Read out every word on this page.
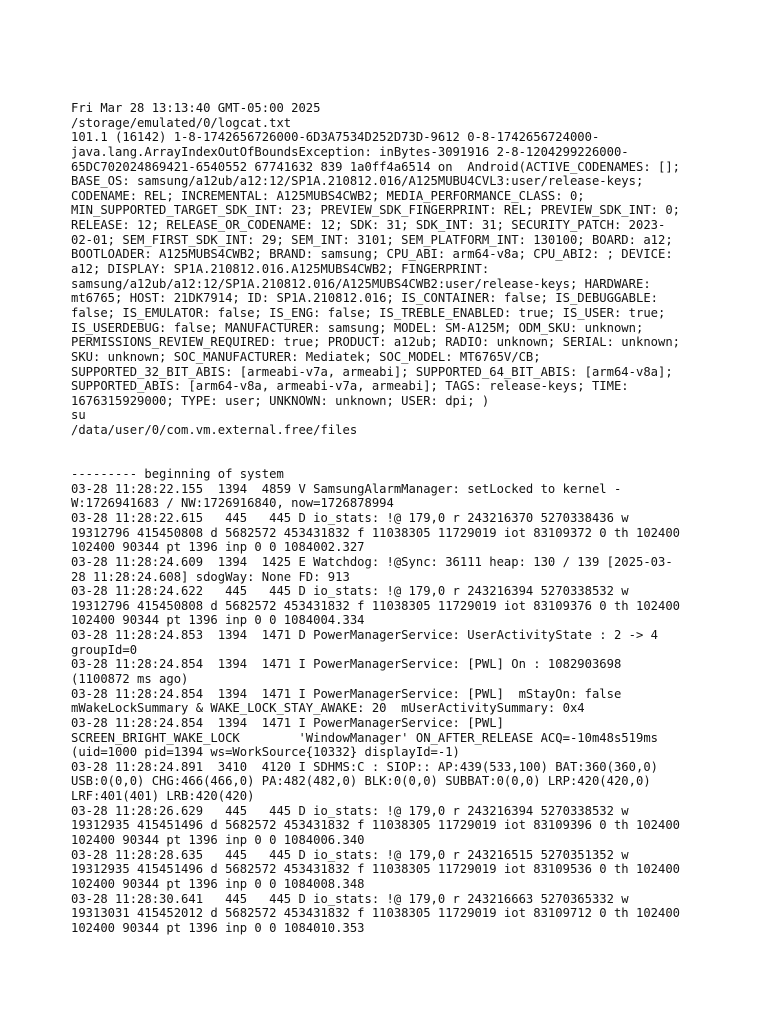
Fri Mar 28 13:13:40 GMT-05:00 2025
/storage/emulated/0/logcat.txt
101.1 (16142) 1-8-1742656726000-6D3A7534D252D73D-9612 0-8-1742656724000-
java.lang.ArrayIndexOutOfBoundsException: inBytes-3091916 2-8-1204299226000-
65DC702024869421-6540552 67741632 839 1a0ff4a6514 on  Android(ACTIVE_CODENAMES: [];
BASE_OS: samsung/a12ub/a12:12/SP1A.210812.016/A125MUBU4CVL3:user/release-keys;
CODENAME: REL; INCREMENTAL: A125MUBS4CWB2; MEDIA_PERFORMANCE_CLASS: 0;
MIN_SUPPORTED_TARGET_SDK_INT: 23; PREVIEW_SDK_FINGERPRINT: REL; PREVIEW_SDK_INT: 0;
RELEASE: 12; RELEASE_OR_CODENAME: 12; SDK: 31; SDK_INT: 31; SECURITY_PATCH: 2023-
02-01; SEM_FIRST_SDK_INT: 29; SEM_INT: 3101; SEM_PLATFORM_INT: 130100; BOARD: a12;
BOOTLOADER: A125MUBS4CWB2; BRAND: samsung; CPU_ABI: arm64-v8a; CPU_ABI2: ; DEVICE:
a12; DISPLAY: SP1A.210812.016.A125MUBS4CWB2; FINGERPRINT:
samsung/a12ub/a12:12/SP1A.210812.016/A125MUBS4CWB2:user/release-keys; HARDWARE:
mt6765; HOST: 21DK7914; ID: SP1A.210812.016; IS_CONTAINER: false; IS_DEBUGGABLE:
false; IS_EMULATOR: false; IS_ENG: false; IS_TREBLE_ENABLED: true; IS_USER: true;
IS_USERDEBUG: false; MANUFACTURER: samsung; MODEL: SM-A125M; ODM_SKU: unknown;
PERMISSIONS_REVIEW_REQUIRED: true; PRODUCT: a12ub; RADIO: unknown; SERIAL: unknown;
SKU: unknown; SOC_MANUFACTURER: Mediatek; SOC_MODEL: MT6765V/CB;
SUPPORTED_32_BIT_ABIS: [armeabi-v7a, armeabi]; SUPPORTED_64_BIT_ABIS: [arm64-v8a];
SUPPORTED_ABIS: [arm64-v8a, armeabi-v7a, armeabi]; TAGS: release-keys; TIME:
1676315929000; TYPE: user; UNKNOWN: unknown; USER: dpi; )
su
/data/user/0/com.vm.external.free/files
--------- beginning of system
03-28 11:28:22.155  1394  4859 V SamsungAlarmManager: setLocked to kernel -
W:1726941683 / NW:1726916840, now=1726878994
03-28 11:28:22.615   445   445 D io_stats: !@ 179,0 r 243216370 5270338436 w
19312796 415450808 d 5682572 453431832 f 11038305 11729019 iot 83109372 0 th 102400
102400 90344 pt 1396 inp 0 0 1084002.327
03-28 11:28:24.609  1394  1425 E Watchdog: !@Sync: 36111 heap: 130 / 139 [2025-03-
28 11:28:24.608] sdogWay: None FD: 913
03-28 11:28:24.622   445   445 D io_stats: !@ 179,0 r 243216394 5270338532 w
19312796 415450808 d 5682572 453431832 f 11038305 11729019 iot 83109376 0 th 102400
102400 90344 pt 1396 inp 0 0 1084004.334
03-28 11:28:24.853  1394  1471 D PowerManagerService: UserActivityState : 2 -> 4
groupId=0
03-28 11:28:24.854  1394  1471 I PowerManagerService: [PWL] On : 1082903698
(1100872 ms ago)
03-28 11:28:24.854  1394  1471 I PowerManagerService: [PWL]  mStayOn: false
mWakeLockSummary & WAKE_LOCK_STAY_AWAKE: 20  mUserActivitySummary: 0x4
03-28 11:28:24.854  1394  1471 I PowerManagerService: [PWL]
SCREEN_BRIGHT_WAKE_LOCK        'WindowManager' ON_AFTER_RELEASE ACQ=-10m48s519ms
(uid=1000 pid=1394 ws=WorkSource{10332} displayId=-1)
03-28 11:28:24.891  3410  4120 I SDHMS:C : SIOP:: AP:439(533,100) BAT:360(360,0)
USB:0(0,0) CHG:466(466,0) PA:482(482,0) BLK:0(0,0) SUBBAT:0(0,0) LRP:420(420,0)
LRF:401(401) LRB:420(420)
03-28 11:28:26.629   445   445 D io_stats: !@ 179,0 r 243216394 5270338532 w
19312935 415451496 d 5682572 453431832 f 11038305 11729019 iot 83109396 0 th 102400
102400 90344 pt 1396 inp 0 0 1084006.340
03-28 11:28:28.635   445   445 D io_stats: !@ 179,0 r 243216515 5270351352 w
19312935 415451496 d 5682572 453431832 f 11038305 11729019 iot 83109536 0 th 102400
102400 90344 pt 1396 inp 0 0 1084008.348
03-28 11:28:30.641   445   445 D io_stats: !@ 179,0 r 243216663 5270365332 w
19313031 415452012 d 5682572 453431832 f 11038305 11729019 iot 83109712 0 th 102400
102400 90344 pt 1396 inp 0 0 1084010.353
